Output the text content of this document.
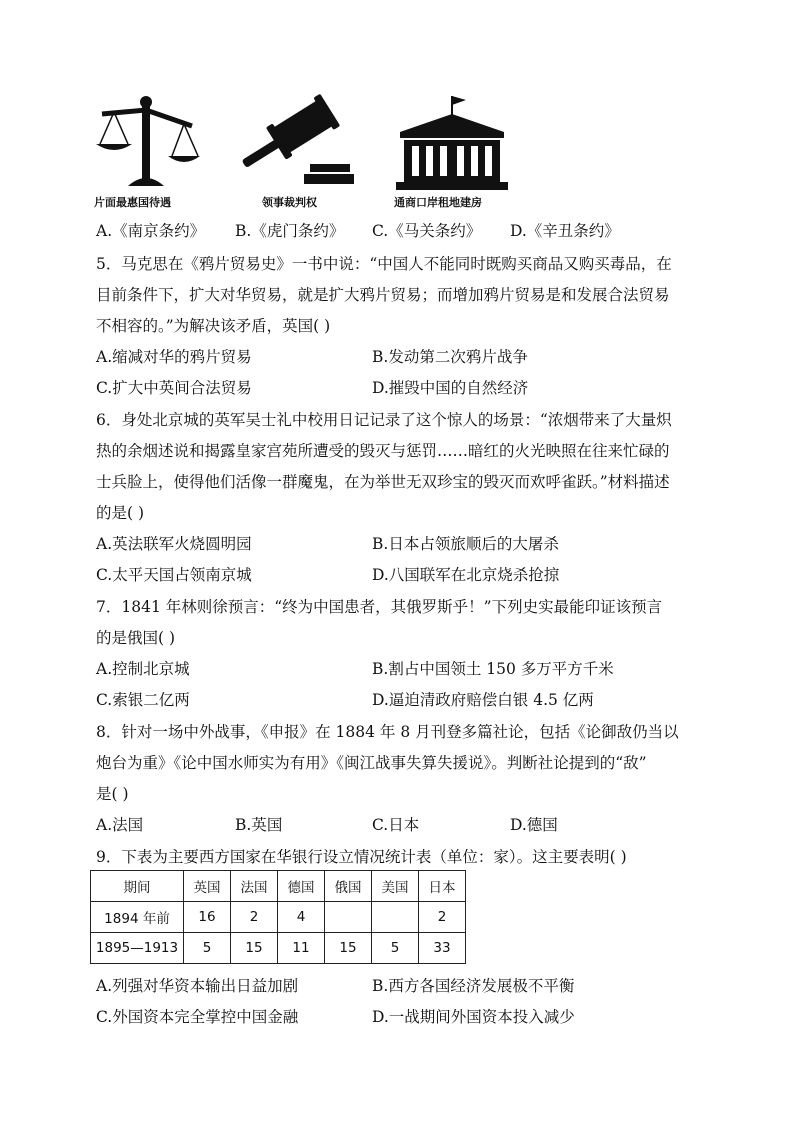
片面最惠国待遇	领事裁判权	通商口岸租地建房
A.《南京条约》 B.《虎门条约》 C.《马关条约》 D.《辛丑条约》
5．马克思在《鸦片贸易史》一书中说：“中国人不能同时既购买商品又购买毒品，在
目前条件下，扩大对华贸易，就是扩大鸦片贸易；而增加鸦片贸易是和发展合法贸易
不相容的。”为解决该矛盾，英国( )
A.缩减对华的鸦片贸易	B.发动第二次鸦片战争
C.扩大中英间合法贸易	D.摧毁中国的自然经济
6．身处北京城的英军吴士礼中校用日记记录了这个惊人的场景：“浓烟带来了大量炽
热的余烟述说和揭露皇家宫苑所遭受的毁灭与惩罚……暗红的火光映照在往来忙碌的
士兵脸上，使得他们活像一群魔鬼，在为举世无双珍宝的毁灭而欢呼雀跃。”材料描述
的是( )
A.英法联军火烧圆明园	B.日本占领旅顺后的大屠杀
C.太平天国占领南京城	D.八国联军在北京烧杀抢掠
7．1841 年林则徐预言：“终为中国患者，其俄罗斯乎！”下列史实最能印证该预言
的是俄国( )
A.控制北京城	B.割占中国领土 150 多万平方千米
C.索银二亿两	D.逼迫清政府赔偿白银 4.5 亿两
8．针对一场中外战事，《申报》在 1884 年 8 月刊登多篇社论，包括《论御敌仍当以
炮台为重》《论中国水师实为有用》《闽江战事失算失援说》。判断社论提到的“敌”
是( )
A.法国	B.英国	C.日本	D.德国
9．下表为主要西方国家在华银行设立情况统计表（单位：家）。这主要表明( )
期间	英国	法国	德国	俄国	美国	日本
1894 年前	16	2	4			2
1895—1913	5	15	11	15	5	33
A.列强对华资本输出日益加剧	B.西方各国经济发展极不平衡
C.外国资本完全掌控中国金融	D.一战期间外国资本投入减少
